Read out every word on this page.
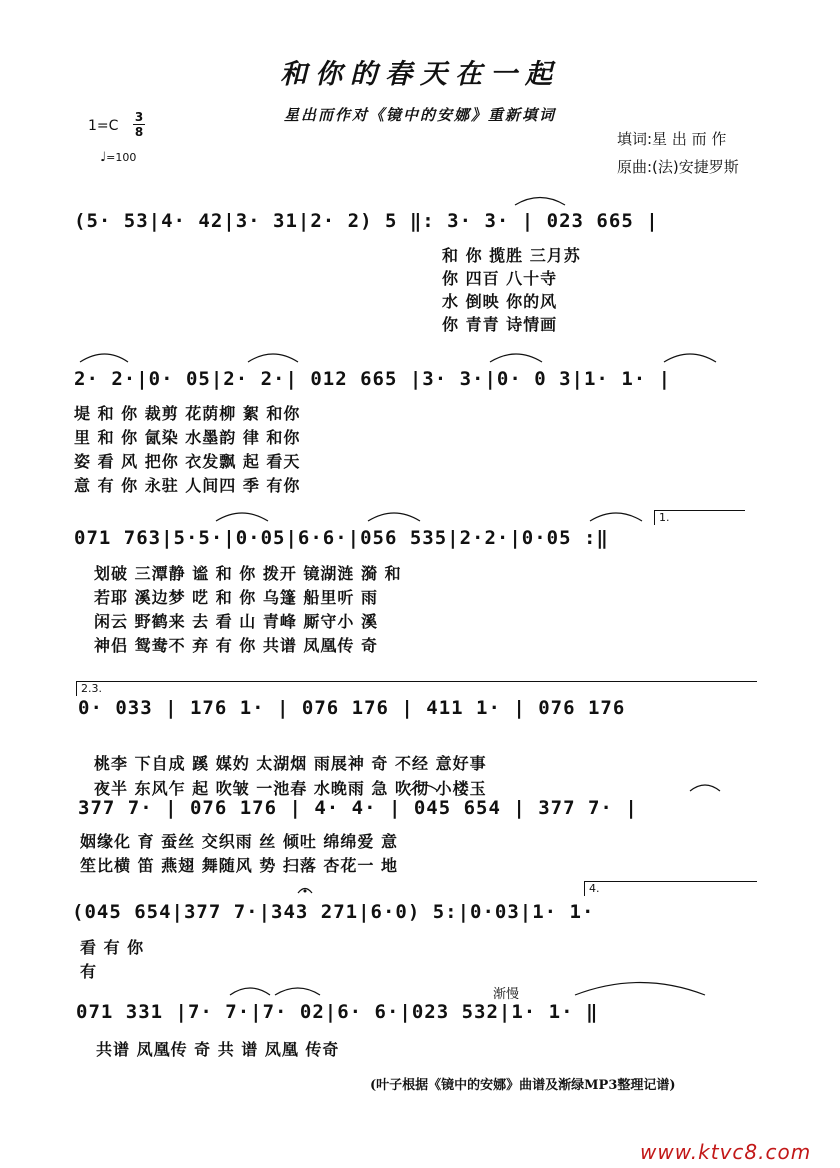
和你的春天在一起
星出而作对《镜中的安娜》重新填词
1=C
3
8
♩=100
填词:星 出 而 作
原曲:(法)安捷罗斯
(5· 53|4· 42|3· 31|2· 2) 5 ‖: 3· 3· | 023 665 |
和 你 揽胜 三月苏
你 四百 八十寺
水 倒映 你的风
你 青青 诗情画
2· 2·|0· 05|2· 2·| 012 665 |3· 3·|0· 0 3|1· 1· |
堤 和 你 裁剪 花荫柳 絮 和你
里 和 你 氤染 水墨韵 律 和你
姿 看 风 把你 衣发飘 起 看天
意 有 你 永驻 人间四 季 有你
1.
071 763|5·5·|0·05|6·6·|056 535|2·2·|0·05 :‖
划破 三潭静 谧 和 你 拨开 镜湖涟 漪 和
若耶 溪边梦 呓 和 你 乌篷 船里听 雨
闲云 野鹤来 去 看 山 青峰 厮守小 溪
神侣 鸳鸯不 弃 有 你 共谱 凤凰传 奇
2.3.
0· 033 | 176 1· | 076 176 | 411 1· | 076 176
桃李 下自成 蹊 媒妁 太湖烟 雨展神 奇 不经 意好事
夜半 东风乍 起 吹皱 一池春 水晚雨 急 吹彻 小楼玉
377 7· | 076 176 | 4· 4· | 045 654 | 377 7· |
姻缘化 育 蚕丝 交织雨 丝 倾吐 绵绵爱 意
笙比横 笛 燕翅 舞随风 势 扫落 杏花一 地
4.
(045 654|377 7·|343 271|6·0) 5:|0·03|1· 1·
看 有 你
有
渐慢
071 331 |7· 7·|7· 02|6· 6·|023 532|1· 1· ‖
共谱 凤凰传 奇 共 谱 凤凰 传奇
(叶子根据《镜中的安娜》曲谱及渐绿MP3整理记谱)
www.ktvc8.com
